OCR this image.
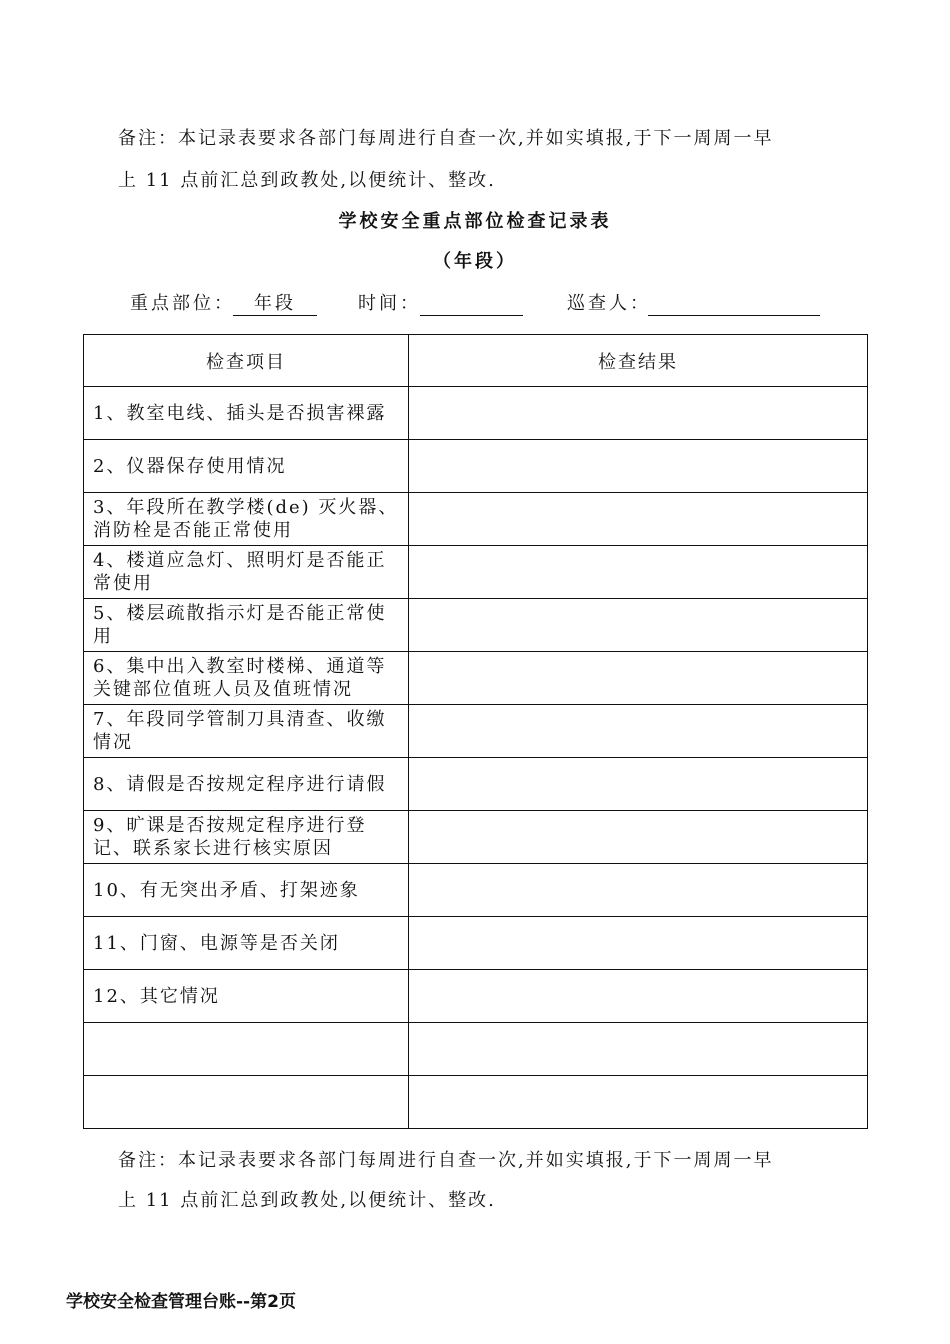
备注：本记录表要求各部门每周进行自查一次,并如实填报,于下一周周一早

上 11 点前汇总到政教处,以便统计、整改.

学校安全重点部位检查记录表
（年段）
重点部位：	年段	时间：	巡查人：
检查项目	检查结果
1、教室电线、插头是否损害裸露	
2、仪器保存使用情况	
3、年段所在教学楼(de) 灭火器、消防栓是否能正常使用	
4、楼道应急灯、照明灯是否能正常使用	
5、楼层疏散指示灯是否能正常使用	
6、集中出入教室时楼梯、通道等关键部位值班人员及值班情况	
7、年段同学管制刀具清查、收缴情况	
8、请假是否按规定程序进行请假	
9、旷课是否按规定程序进行登记、联系家长进行核实原因	
10、有无突出矛盾、打架迹象	
11、门窗、电源等是否关闭	
12、其它情况	

备注：本记录表要求各部门每周进行自查一次,并如实填报,于下一周周一早

上 11 点前汇总到政教处,以便统计、整改.

学校安全检查管理台账--第2页
